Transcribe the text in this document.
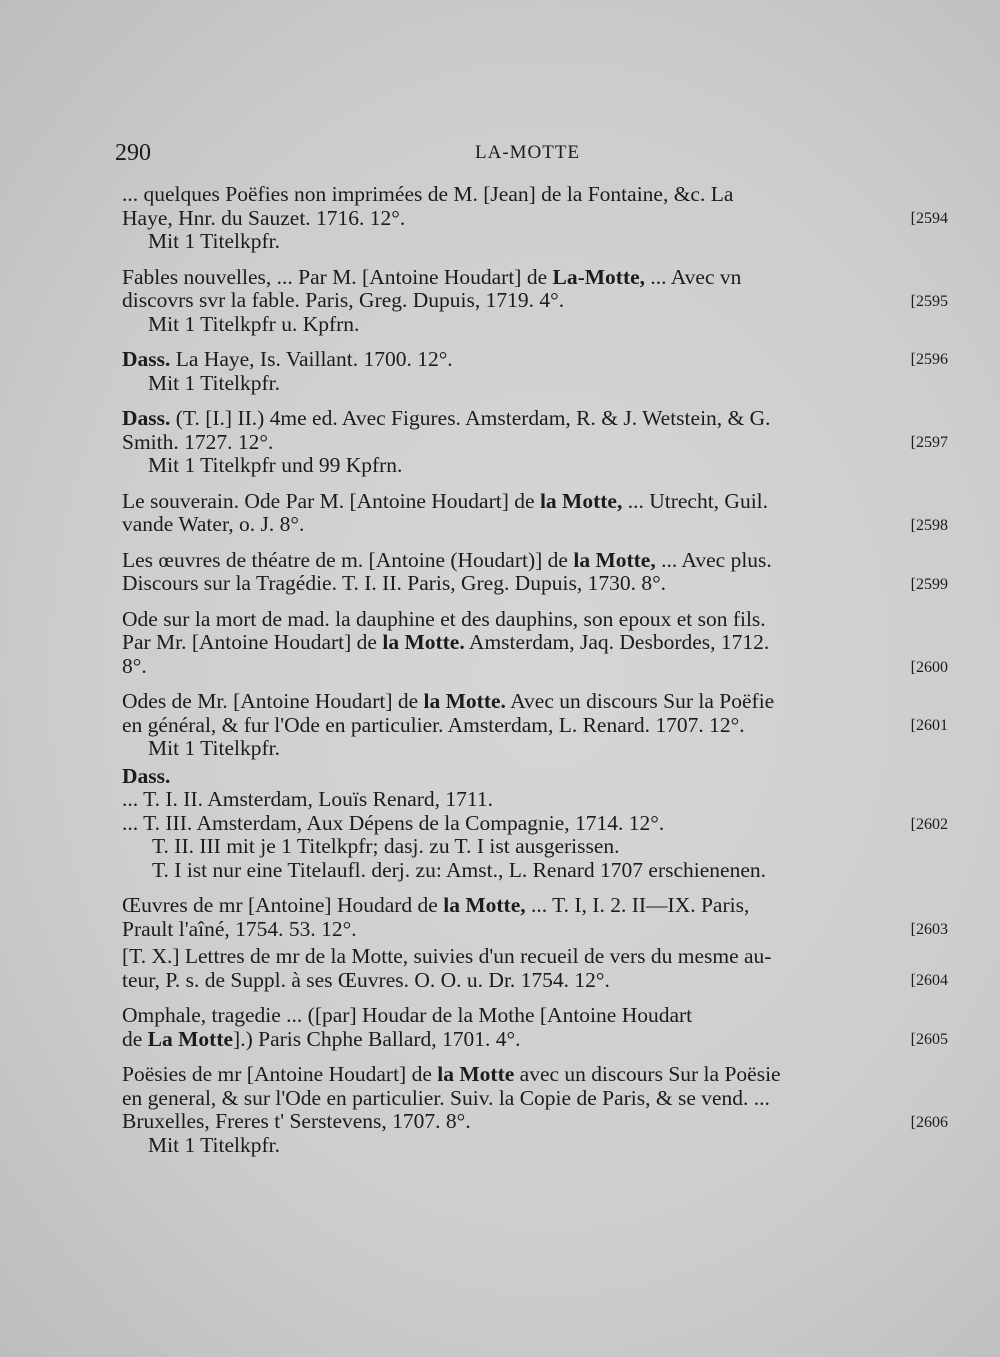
290	LA-MOTTE
... quelques Poëfies non imprimées de M. [Jean] de la Fontaine, &c. La
Haye, Hnr. du Sauzet. 1716. 12°.	[2594
Mit 1 Titelkpfr.
Fables nouvelles, ... Par M. [Antoine Houdart] de La-Motte, ... Avec vn
discovrs svr la fable. Paris, Greg. Dupuis, 1719. 4°.	[2595
Mit 1 Titelkpfr u. Kpfrn.
Dass. La Haye, Is. Vaillant. 1700. 12°.	[2596
Mit 1 Titelkpfr.
Dass. (T. [I.] II.) 4me ed. Avec Figures. Amsterdam, R. & J. Wetstein, & G.
Smith. 1727. 12°.	[2597
Mit 1 Titelkpfr und 99 Kpfrn.
Le souverain. Ode Par M. [Antoine Houdart] de la Motte, ... Utrecht, Guil.
vande Water, o. J. 8°.	[2598
Les œuvres de théatre de m. [Antoine (Houdart)] de la Motte, ... Avec plus.
Discours sur la Tragédie. T. I. II. Paris, Greg. Dupuis, 1730. 8°.	[2599
Ode sur la mort de mad. la dauphine et des dauphins, son epoux et son fils.
Par Mr. [Antoine Houdart] de la Motte. Amsterdam, Jaq. Desbordes, 1712.
8°.	[2600
Odes de Mr. [Antoine Houdart] de la Motte. Avec un discours Sur la Poëfie
en général, & fur l'Ode en particulier. Amsterdam, L. Renard. 1707. 12°.	[2601
Mit 1 Titelkpfr.
Dass.
... T. I. II. Amsterdam, Louïs Renard, 1711.
... T. III. Amsterdam, Aux Dépens de la Compagnie, 1714. 12°.	[2602
T. II. III mit je 1 Titelkpfr; dasj. zu T. I ist ausgerissen.
T. I ist nur eine Titelaufl. derj. zu: Amst., L. Renard 1707 erschienenen.
Œuvres de mr [Antoine] Houdard de la Motte, ... T. I, I. 2. II—IX. Paris,
Prault l'aîné, 1754. 53. 12°.	[2603
[T. X.] Lettres de mr de la Motte, suivies d'un recueil de vers du mesme au-
teur, P. s. de Suppl. à ses Œuvres. O. O. u. Dr. 1754. 12°.	[2604
Omphale, tragedie ... ([par] Houdar de la Mothe [Antoine Houdart
de La Motte].) Paris Chphe Ballard, 1701. 4°.	[2605
Poësies de mr [Antoine Houdart] de la Motte avec un discours Sur la Poësie
en general, & sur l'Ode en particulier. Suiv. la Copie de Paris, & se vend. ...
Bruxelles, Freres t' Serstevens, 1707. 8°.	[2606
Mit 1 Titelkpfr.
